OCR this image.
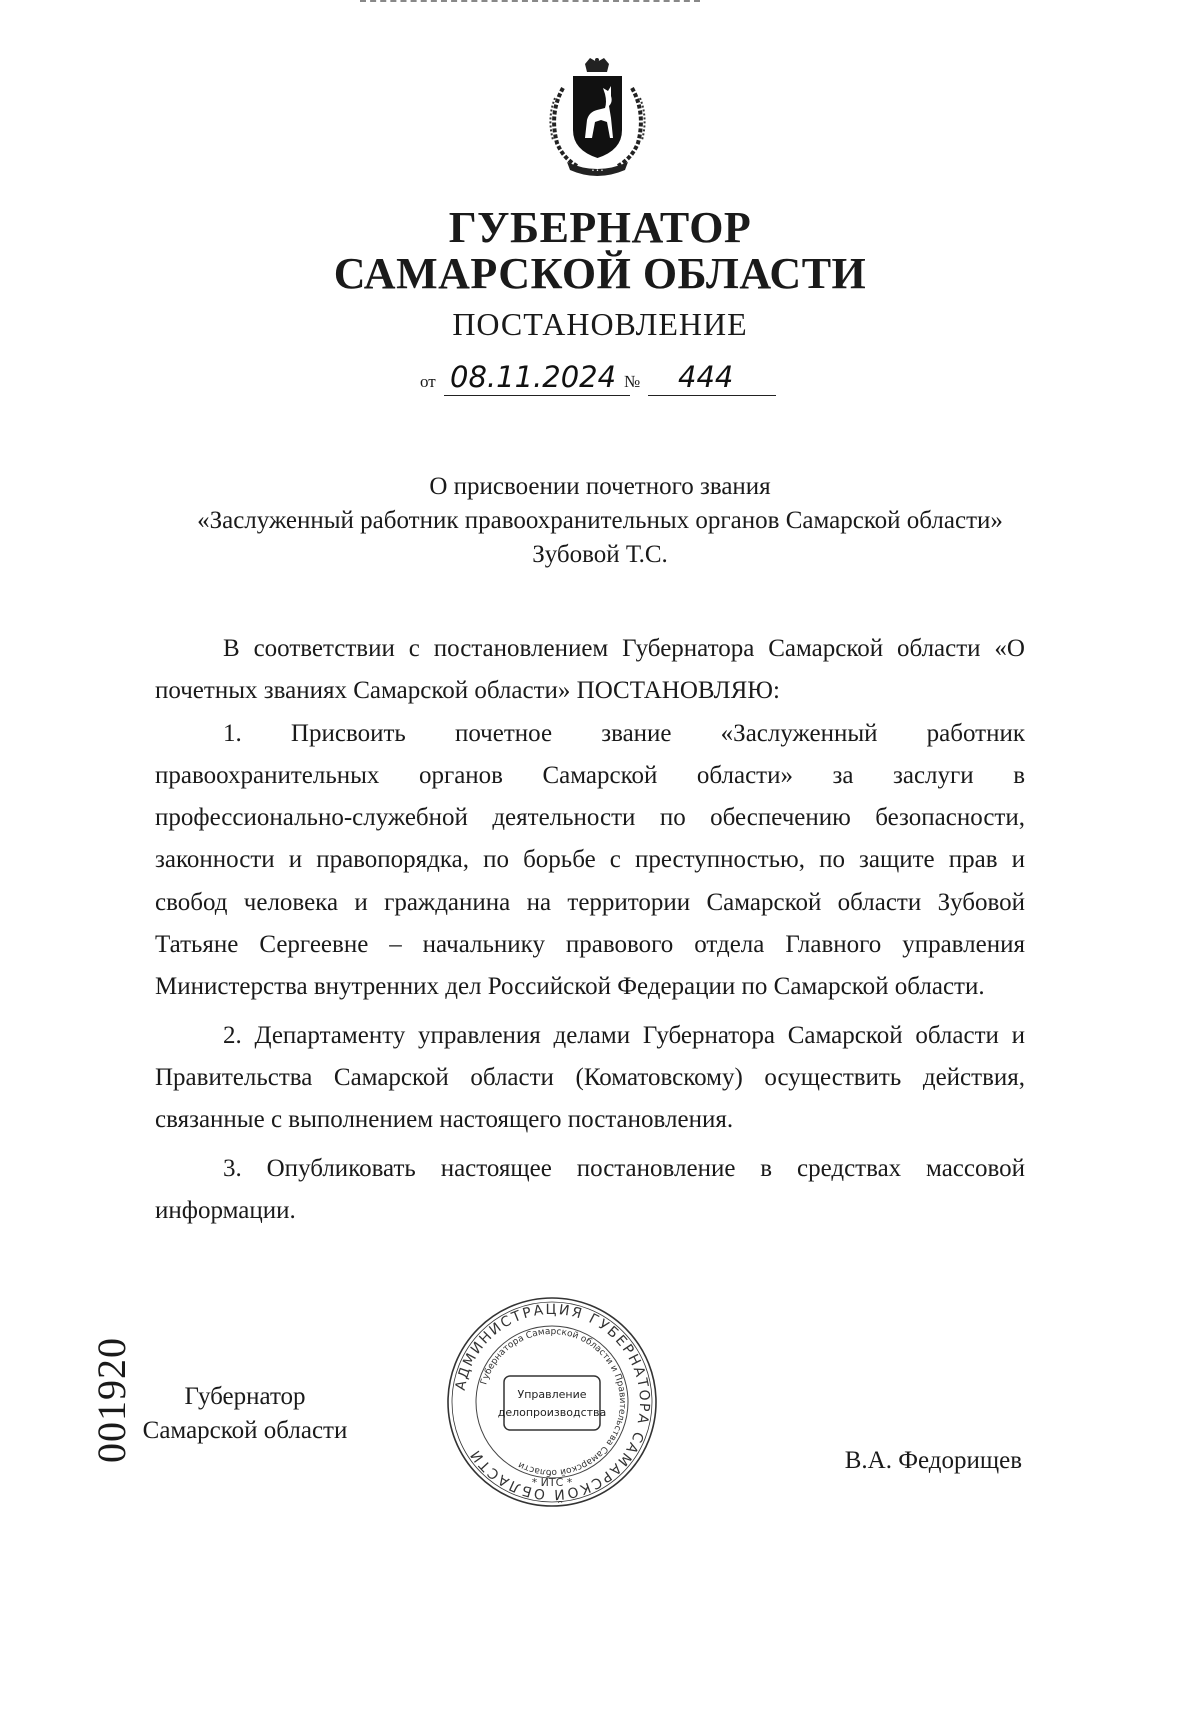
• • •
ГУБЕРНАТОР
САМАРСКОЙ ОБЛАСТИ
ПОСТАНОВЛЕНИЕ
от 08.11.2024 № 444
О присвоении почетного звания
«Заслуженный работник правоохранительных органов Самарской области»
Зубовой Т.С.

В соответствии с постановлением Губернатора Самарской области «О почетных званиях Самарской области» ПОСТАНОВЛЯЮ:

1. Присвоить почетное звание «Заслуженный работник правоохранительных органов Самарской области» за заслуги в профессионально-служебной деятельности по обеспечению безопасности, законности и правопорядка, по борьбе с преступностью, по защите прав и свобод человека и гражданина на территории Самарской области Зубовой Татьяне Сергеевне – начальнику правового отдела Главного управления Министерства внутренних дел Российской Федерации по Самарской области.

2. Департаменту управления делами Губернатора Самарской области и Правительства Самарской области (Коматовскому) осуществить действия, связанные с выполнением настоящего постановления.

3. Опубликовать настоящее постановление в средствах массовой информации.

001920	Губернатор
Самарской области
АДМИНИСТРАЦИЯ ГУБЕРНАТОРА САМАРСКОЙ ОБЛАСТИ
Губернатора Самарской области и Правительства Самарской области
Управление
делопроизводства
* ИТС *
В.А. Федорищев
